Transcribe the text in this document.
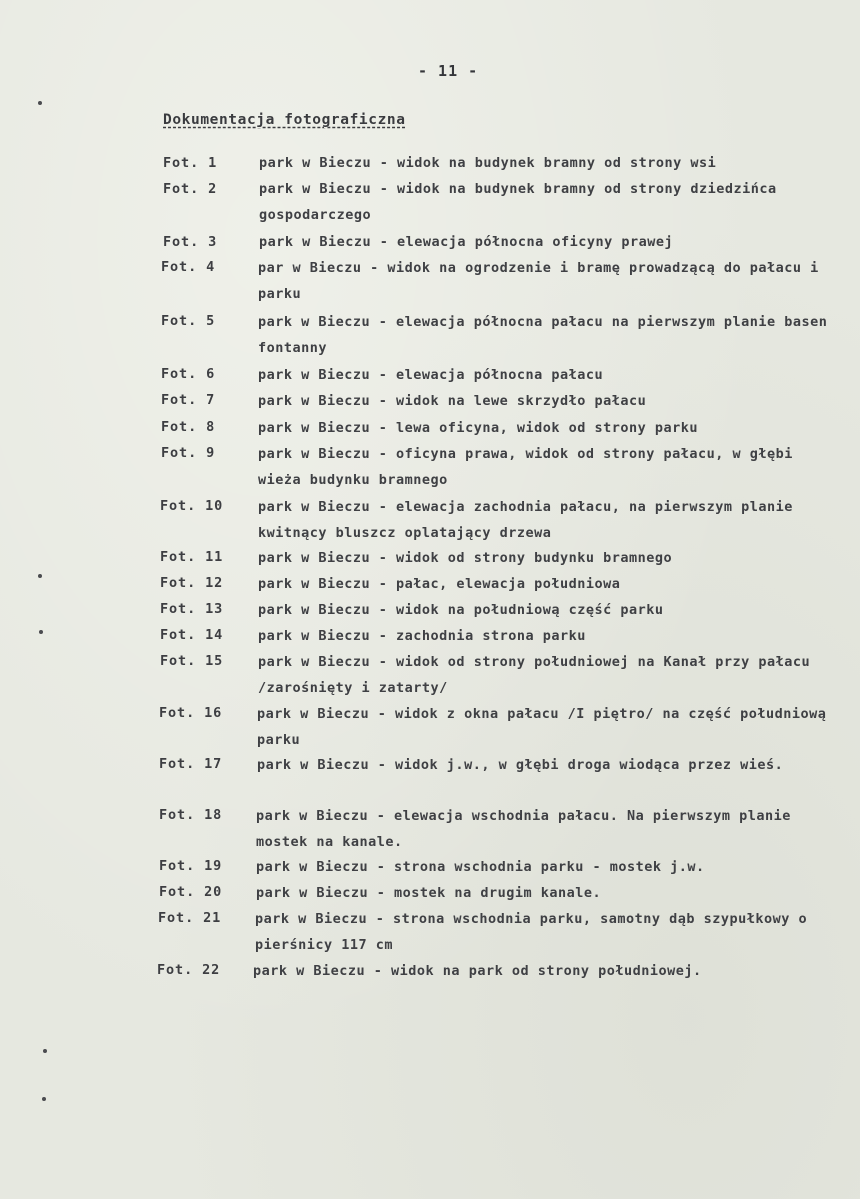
- 11 -
Dokumentacja fotograficzna
Fot. 1	park w Bieczu - widok na budynek bramny od strony wsi
Fot. 2	park w Bieczu - widok na budynek bramny od strony dziedzińca gospodarczego
Fot. 3	park w Bieczu - elewacja północna oficyny prawej
Fot. 4	par w Bieczu - widok na ogrodzenie i bramę prowadzącą do pałacu i parku
Fot. 5	park w Bieczu - elewacja północna pałacu na pierwszym planie basen fontanny
Fot. 6	park w Bieczu - elewacja północna pałacu
Fot. 7	park w Bieczu - widok na lewe skrzydło pałacu
Fot. 8	park w Bieczu - lewa oficyna, widok od strony parku
Fot. 9	park w Bieczu - oficyna prawa, widok od strony pałacu, w głębi wieża budynku bramnego
Fot. 10	park w Bieczu - elewacja zachodnia pałacu, na pierwszym planie kwitnący bluszcz oplatający drzewa
Fot. 11	park w Bieczu - widok od strony budynku bramnego
Fot. 12	park w Bieczu - pałac, elewacja południowa
Fot. 13	park w Bieczu - widok na południową część parku
Fot. 14	park w Bieczu - zachodnia strona parku
Fot. 15	park w Bieczu - widok od strony południowej na Kanał przy pałacu /zarośnięty i zatarty/
Fot. 16	park w Bieczu - widok z okna pałacu /I piętro/ na część południową parku
Fot. 17	park w Bieczu - widok j.w., w głębi droga wiodąca przez wieś.
Fot. 18	park w Bieczu - elewacja wschodnia pałacu. Na pierwszym planie mostek na kanale.
Fot. 19	park w Bieczu - strona wschodnia parku - mostek j.w.
Fot. 20	park w Bieczu - mostek na drugim kanale.
Fot. 21	park w Bieczu - strona wschodnia parku, samotny dąb szypułkowy o pierśnicy 117 cm
Fot. 22 park w Bieczu - widok na park od strony południowej.
